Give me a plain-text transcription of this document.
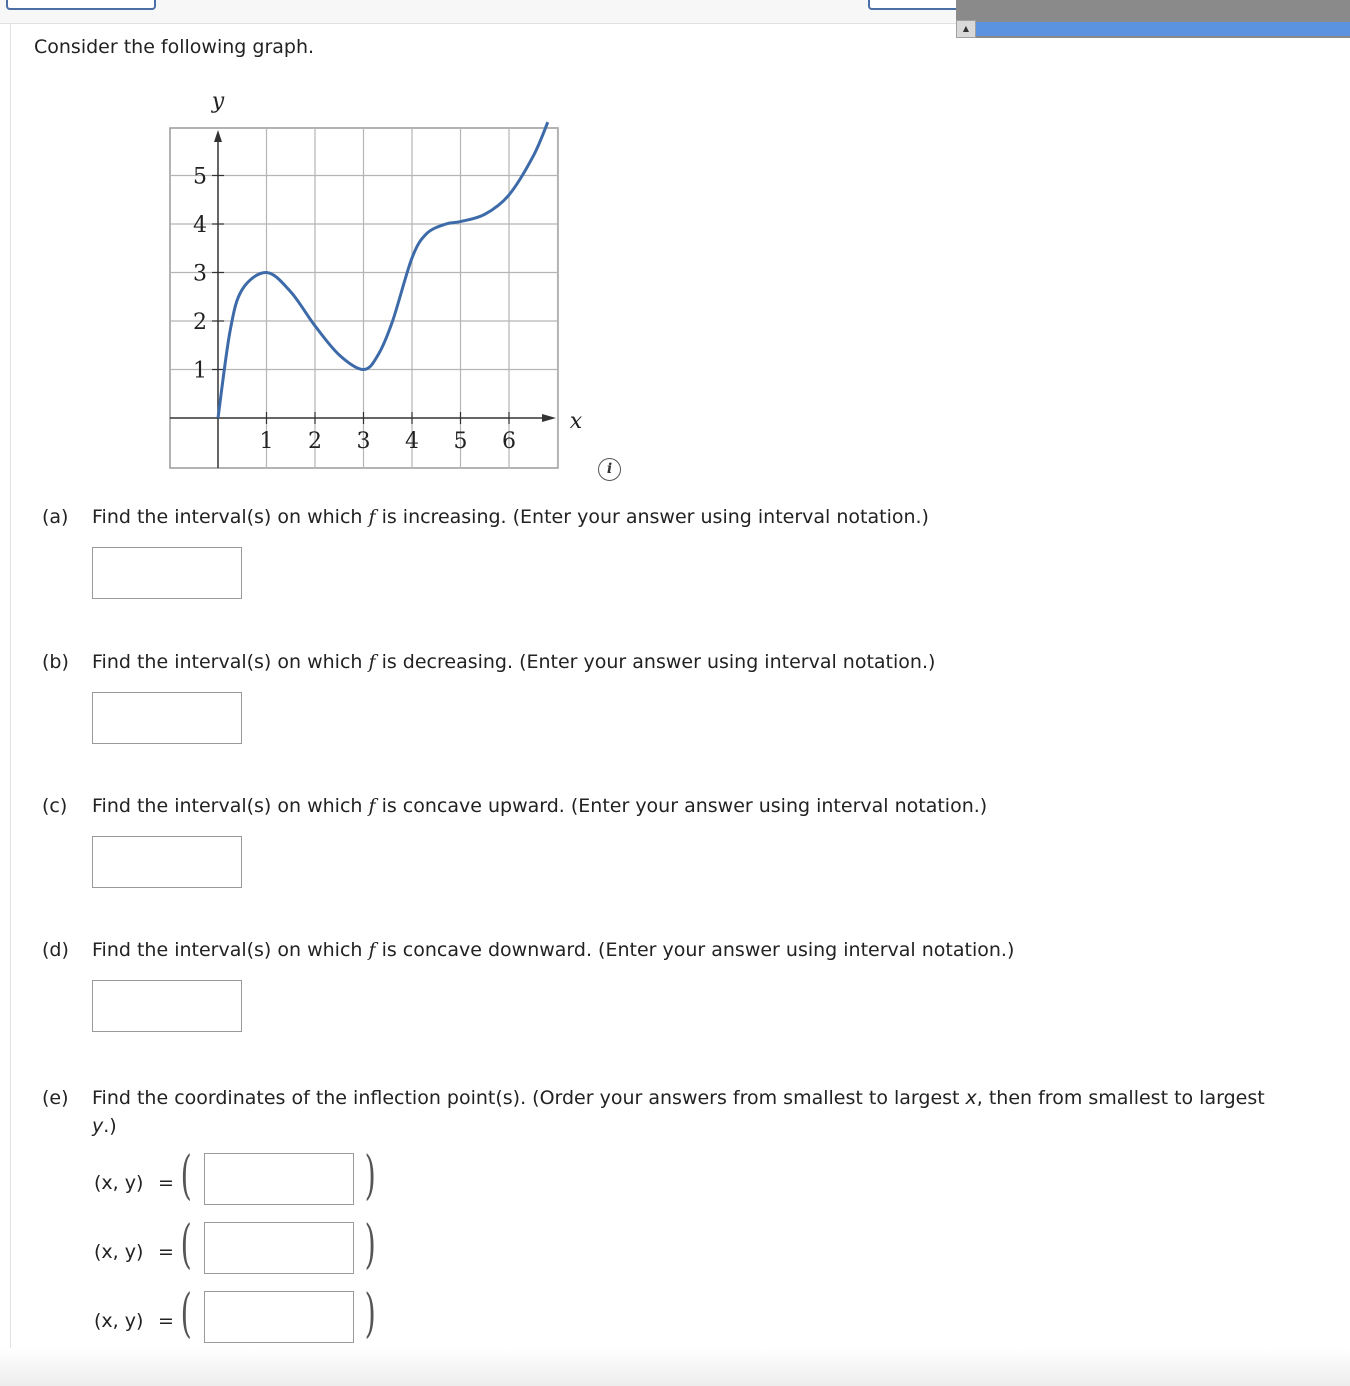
▲
Consider the following graph.
1 2 3 4 5 6
1
2
3
4
5
y
x
i
(a) Find the interval(s) on which f is increasing. (Enter your answer using interval notation.)
(b) Find the interval(s) on which f is decreasing. (Enter your answer using interval notation.)
(c) Find the interval(s) on which f is concave upward. (Enter your answer using interval notation.)
(d) Find the interval(s) on which f is concave downward. (Enter your answer using interval notation.)
(e) Find the coordinates of the inflection point(s). (Order your answers from smallest to largest x, then from smallest to largest
y.)
(x, y) = (	)
(x, y) = (	)
(x, y) = (	)
